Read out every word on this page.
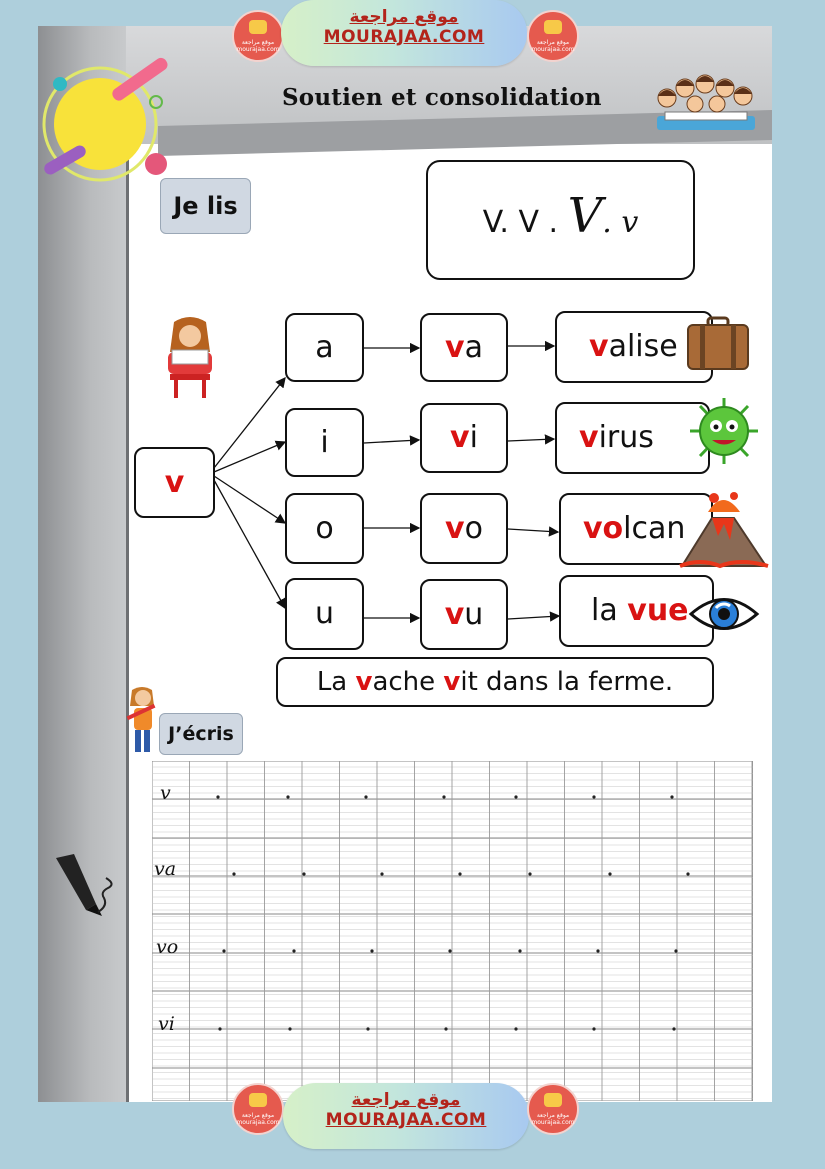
Soutien et consolidation
Je lis	V. V . V. v
v
a	va	valise
i	vi	virus
o	vo	volcan
u	vu	la vue
La vache vit dans la ferme.
J’écris
v
va
vo
vi
موقع مراجعة mourajaa.com
موقع مراجعة
MOURAJAA.COM	موقع مراجعة mourajaa.com
موقع مراجعة mourajaa.com
موقع مراجعة
MOURAJAA.COM	موقع مراجعة mourajaa.com
